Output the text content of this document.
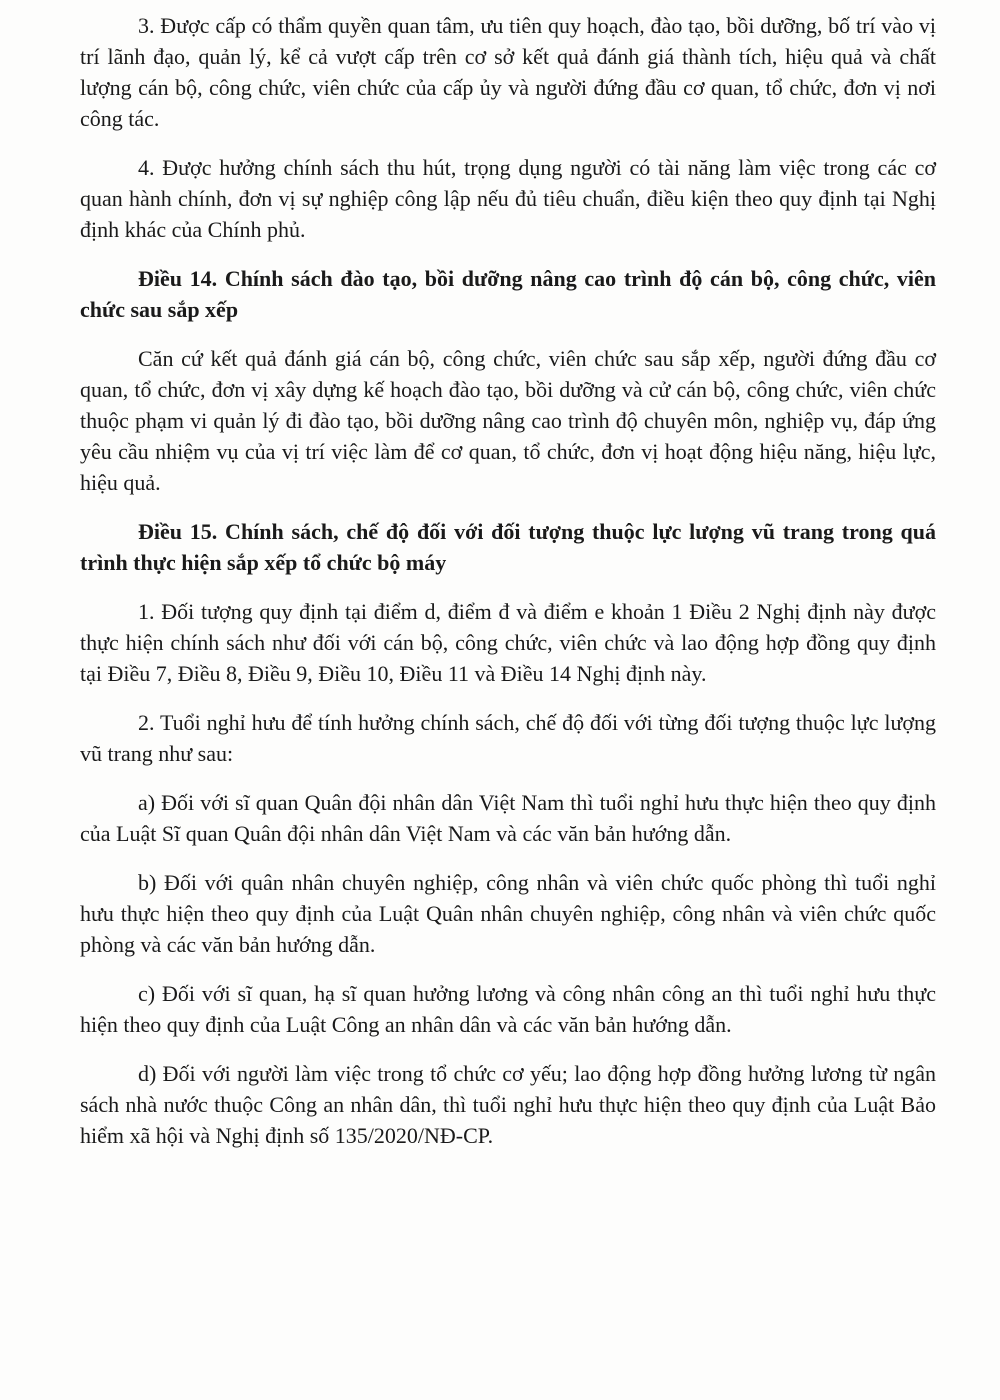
3. Được cấp có thẩm quyền quan tâm, ưu tiên quy hoạch, đào tạo, bồi dưỡng, bố trí vào vị trí lãnh đạo, quản lý, kể cả vượt cấp trên cơ sở kết quả đánh giá thành tích, hiệu quả và chất lượng cán bộ, công chức, viên chức của cấp ủy và người đứng đầu cơ quan, tổ chức, đơn vị nơi công tác.

4. Được hưởng chính sách thu hút, trọng dụng người có tài năng làm việc trong các cơ quan hành chính, đơn vị sự nghiệp công lập nếu đủ tiêu chuẩn, điều kiện theo quy định tại Nghị định khác của Chính phủ.

Điều 14. Chính sách đào tạo, bồi dưỡng nâng cao trình độ cán bộ, công chức, viên chức sau sắp xếp

Căn cứ kết quả đánh giá cán bộ, công chức, viên chức sau sắp xếp, người đứng đầu cơ quan, tổ chức, đơn vị xây dựng kế hoạch đào tạo, bồi dưỡng và cử cán bộ, công chức, viên chức thuộc phạm vi quản lý đi đào tạo, bồi dưỡng nâng cao trình độ chuyên môn, nghiệp vụ, đáp ứng yêu cầu nhiệm vụ của vị trí việc làm để cơ quan, tổ chức, đơn vị hoạt động hiệu năng, hiệu lực, hiệu quả.

Điều 15. Chính sách, chế độ đối với đối tượng thuộc lực lượng vũ trang trong quá trình thực hiện sắp xếp tổ chức bộ máy

1. Đối tượng quy định tại điểm d, điểm đ và điểm e khoản 1 Điều 2 Nghị định này được thực hiện chính sách như đối với cán bộ, công chức, viên chức và lao động hợp đồng quy định tại Điều 7, Điều 8, Điều 9, Điều 10, Điều 11 và Điều 14 Nghị định này.

2. Tuổi nghỉ hưu để tính hưởng chính sách, chế độ đối với từng đối tượng thuộc lực lượng vũ trang như sau:

a) Đối với sĩ quan Quân đội nhân dân Việt Nam thì tuổi nghỉ hưu thực hiện theo quy định của Luật Sĩ quan Quân đội nhân dân Việt Nam và các văn bản hướng dẫn.

b) Đối với quân nhân chuyên nghiệp, công nhân và viên chức quốc phòng thì tuổi nghỉ hưu thực hiện theo quy định của Luật Quân nhân chuyên nghiệp, công nhân và viên chức quốc phòng và các văn bản hướng dẫn.

c) Đối với sĩ quan, hạ sĩ quan hưởng lương và công nhân công an thì tuổi nghỉ hưu thực hiện theo quy định của Luật Công an nhân dân và các văn bản hướng dẫn.

d) Đối với người làm việc trong tổ chức cơ yếu; lao động hợp đồng hưởng lương từ ngân sách nhà nước thuộc Công an nhân dân, thì tuổi nghỉ hưu thực hiện theo quy định của Luật Bảo hiểm xã hội và Nghị định số 135/2020/NĐ-CP.
